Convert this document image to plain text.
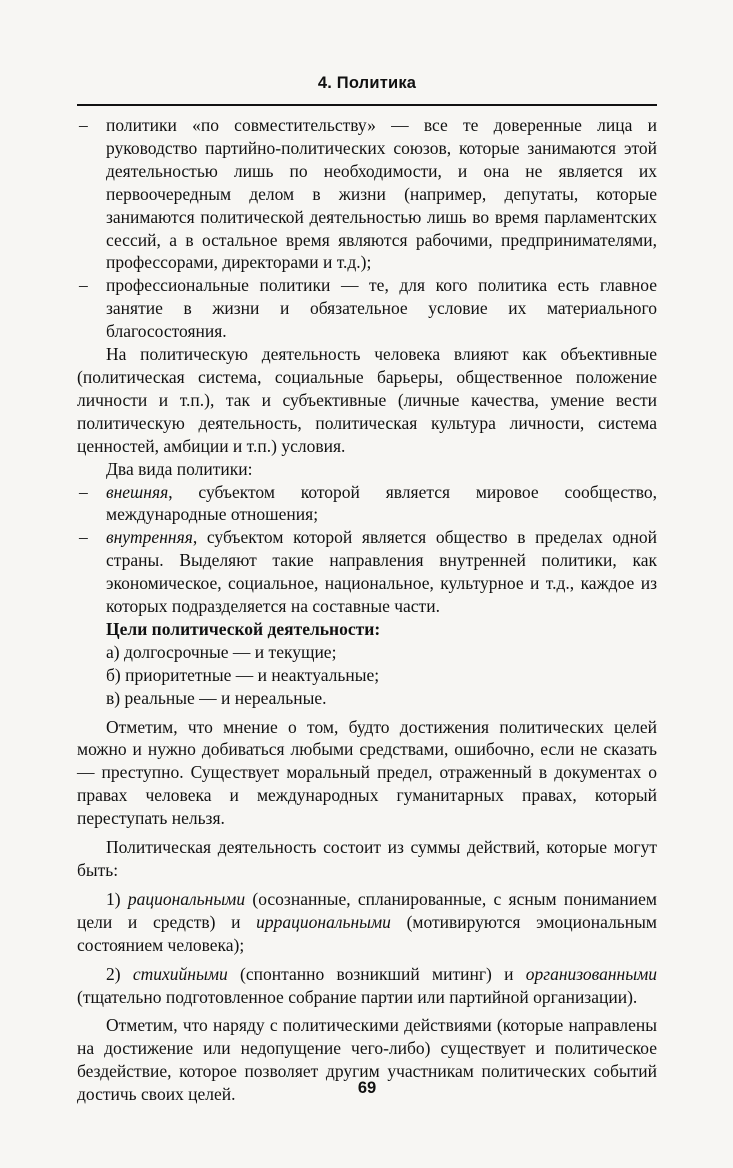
4. Политика

– политики «по совместительству» — все те доверенные лица и руководство партийно-политических союзов, которые занимаются этой деятельностью лишь по необходимости, и она не является их первоочередным делом в жизни (например, депутаты, которые занимаются политической деятельностью лишь во время парламентских сессий, а в остальное время являются рабочими, предпринимателями, профессорами, директорами и т.д.);

– профессиональные политики — те, для кого политика есть главное занятие в жизни и обязательное условие их материального благосостояния.

На политическую деятельность человека влияют как объективные (политическая система, социальные барьеры, общественное положение личности и т.п.), так и субъективные (личные качества, умение вести политическую деятельность, политическая культура личности, система ценностей, амбиции и т.п.) условия.

Два вида политики:

– внешняя, субъектом которой является мировое сообщество, международные отношения;

– внутренняя, субъектом которой является общество в пределах одной страны. Выделяют такие направления внутренней политики, как экономическое, социальное, национальное, культурное и т.д., каждое из которых подразделяется на составные части.

Цели политической деятельности:

а) долгосрочные — и текущие;

б) приоритетные — и неактуальные;

в) реальные — и нереальные.

Отметим, что мнение о том, будто достижения политических целей можно и нужно добиваться любыми средствами, ошибочно, если не сказать — преступно. Существует моральный предел, отраженный в документах о правах человека и международных гуманитарных правах, который переступать нельзя.

Политическая деятельность состоит из суммы действий, которые могут быть:

1) рациональными (осознанные, спланированные, с ясным пониманием цели и средств) и иррациональными (мотивируются эмоциональным состоянием человека);

2) стихийными (спонтанно возникший митинг) и организованными (тщательно подготовленное собрание партии или партийной организации).

Отметим, что наряду с политическими действиями (которые направлены на достижение или недопущение чего-либо) существует и политическое бездействие, которое позволяет другим участникам политических событий достичь своих целей.	69
